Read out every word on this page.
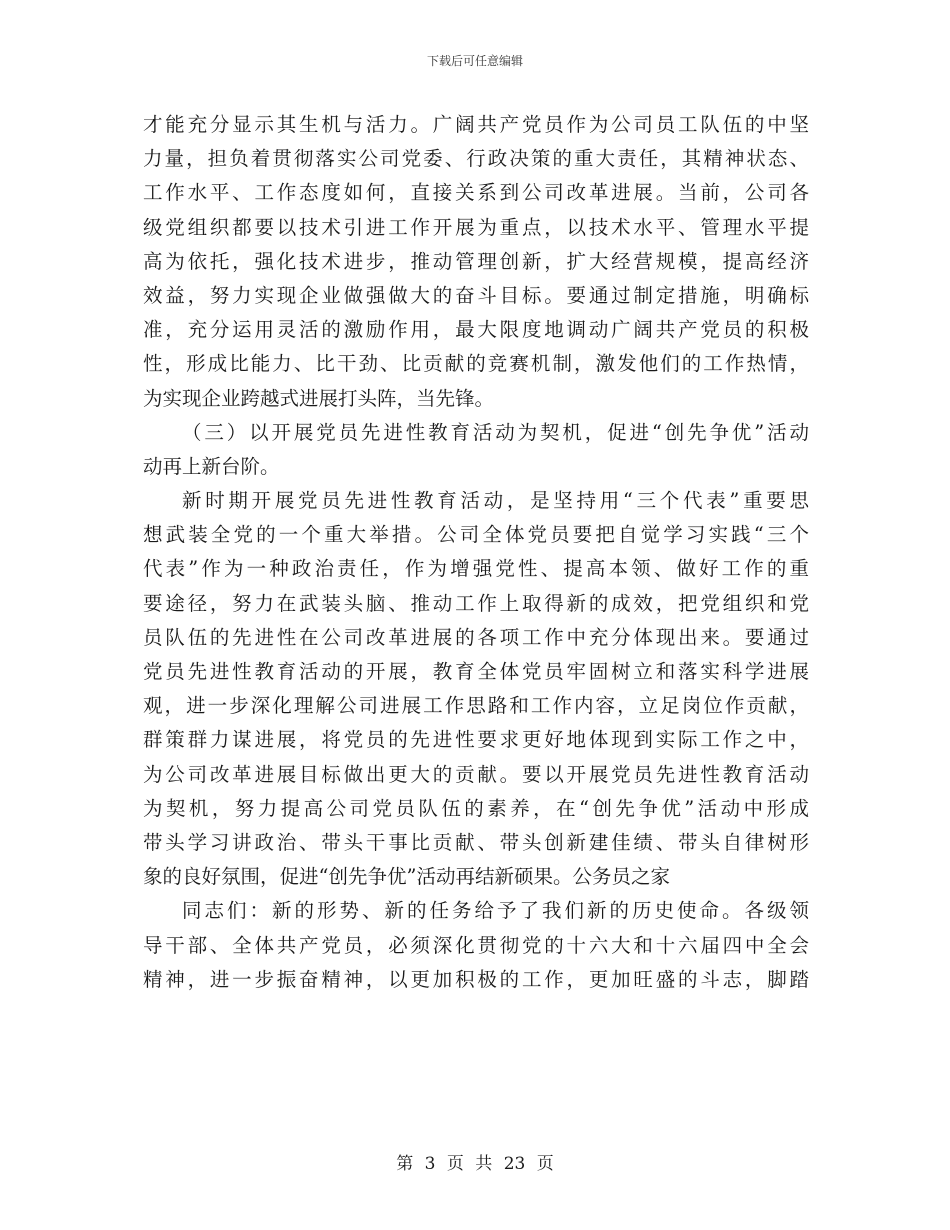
下载后可任意编辑
才能充分显示其生机与活力。广阔共产党员作为公司员工队伍的中坚
力量，担负着贯彻落实公司党委、行政决策的重大责任，其精神状态、
工作水平、工作态度如何，直接关系到公司改革进展。当前，公司各
级党组织都要以技术引进工作开展为重点，以技术水平、管理水平提
高为依托，强化技术进步，推动管理创新，扩大经营规模，提高经济
效益，努力实现企业做强做大的奋斗目标。要通过制定措施，明确标
准，充分运用灵活的激励作用，最大限度地调动广阔共产党员的积极
性，形成比能力、比干劲、比贡献的竞赛机制，激发他们的工作热情，
为实现企业跨越式进展打头阵，当先锋。
（三）以开展党员先进性教育活动为契机，促进“创先争优”活动
动再上新台阶。
新时期开展党员先进性教育活动，是坚持用“三个代表”重要思
想武装全党的一个重大举措。公司全体党员要把自觉学习实践“三个
代表”作为一种政治责任，作为增强党性、提高本领、做好工作的重
要途径，努力在武装头脑、推动工作上取得新的成效，把党组织和党
员队伍的先进性在公司改革进展的各项工作中充分体现出来。要通过
党员先进性教育活动的开展，教育全体党员牢固树立和落实科学进展
观，进一步深化理解公司进展工作思路和工作内容，立足岗位作贡献，
群策群力谋进展，将党员的先进性要求更好地体现到实际工作之中，
为公司改革进展目标做出更大的贡献。要以开展党员先进性教育活动
为契机，努力提高公司党员队伍的素养，在“创先争优”活动中形成
带头学习讲政治、带头干事比贡献、带头创新建佳绩、带头自律树形
象的良好氛围，促进“创先争优”活动再结新硕果。公务员之家
同志们：新的形势、新的任务给予了我们新的历史使命。各级领
导干部、全体共产党员，必须深化贯彻党的十六大和十六届四中全会
精神，进一步振奋精神，以更加积极的工作，更加旺盛的斗志，脚踏
第 3 页 共 23 页
